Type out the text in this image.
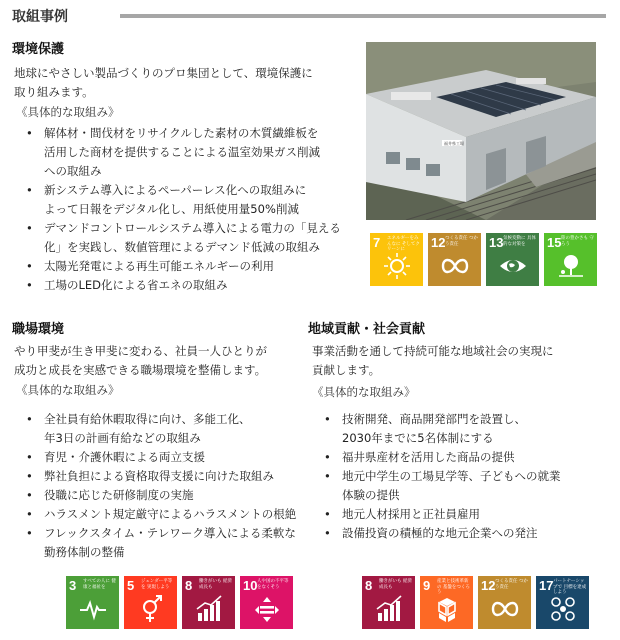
取組事例
環境保護
地球にやさしい製品づくりのプロ集団として、環境保護に
取り組みます。
《具体的な取組み》
• 解体材・間伐材をリサイクルした素材の木質繊維板を
活用した商材を提供することによる温室効果ガス削減
への取組み
• 新システム導入によるペーパーレス化への取組みに
よって日報をデジタル化し、用紙使用量50%削減
• デマンドコントロールシステム導入による電力の「見える
化」を実践し、数値管理によるデマンド低減の取組み
• 太陽光発電による再生可能エネルギーの利用
• 工場のLED化による省エネの取組み
福井県工場
7 エネルギーをみんなに そしてクリーンに	12 つくる責任 つかう責任	13 気候変動に 具体的な対策を	15 陸の豊かさも 守ろう
職場環境
やり甲斐が生き甲斐に変わる、社員一人ひとりが
成功と成長を実感できる職場環境を整備します。
《具体的な取組み》
• 全社員有給休暇取得に向け、多能工化、
年3日の計画有給などの取組み
• 育児・介護休暇による両立支援
• 弊社負担による資格取得支援に向けた取組み
• 役職に応じた研修制度の実施
• ハラスメント規定厳守によるハラスメントの根絶
• フレックスタイム・テレワーク導入による柔軟な
勤務体制の整備
3 すべての人に 健康と福祉を	5 ジェンダー平等を 実現しよう	8 働きがいも 経済成長も	10 人や国の不平等 をなくそう
地域貢献・社会貢献
事業活動を通して持続可能な地域社会の実現に
貢献します。
《具体的な取組み》
• 技術開発、商品開発部門を設置し、
2030年までに5名体制にする
• 福井県産材を活用した商品の提供
• 地元中学生の工場見学等、子どもへの就業
体験の提供
• 地元人材採用と正社員雇用
• 設備投資の積極的な地元企業への発注
8 働きがいも 経済成長も	9 産業と技術革新の 基盤をつくろう	12 つくる責任 つかう責任	17 パートナーシップで 目標を達成しよう
